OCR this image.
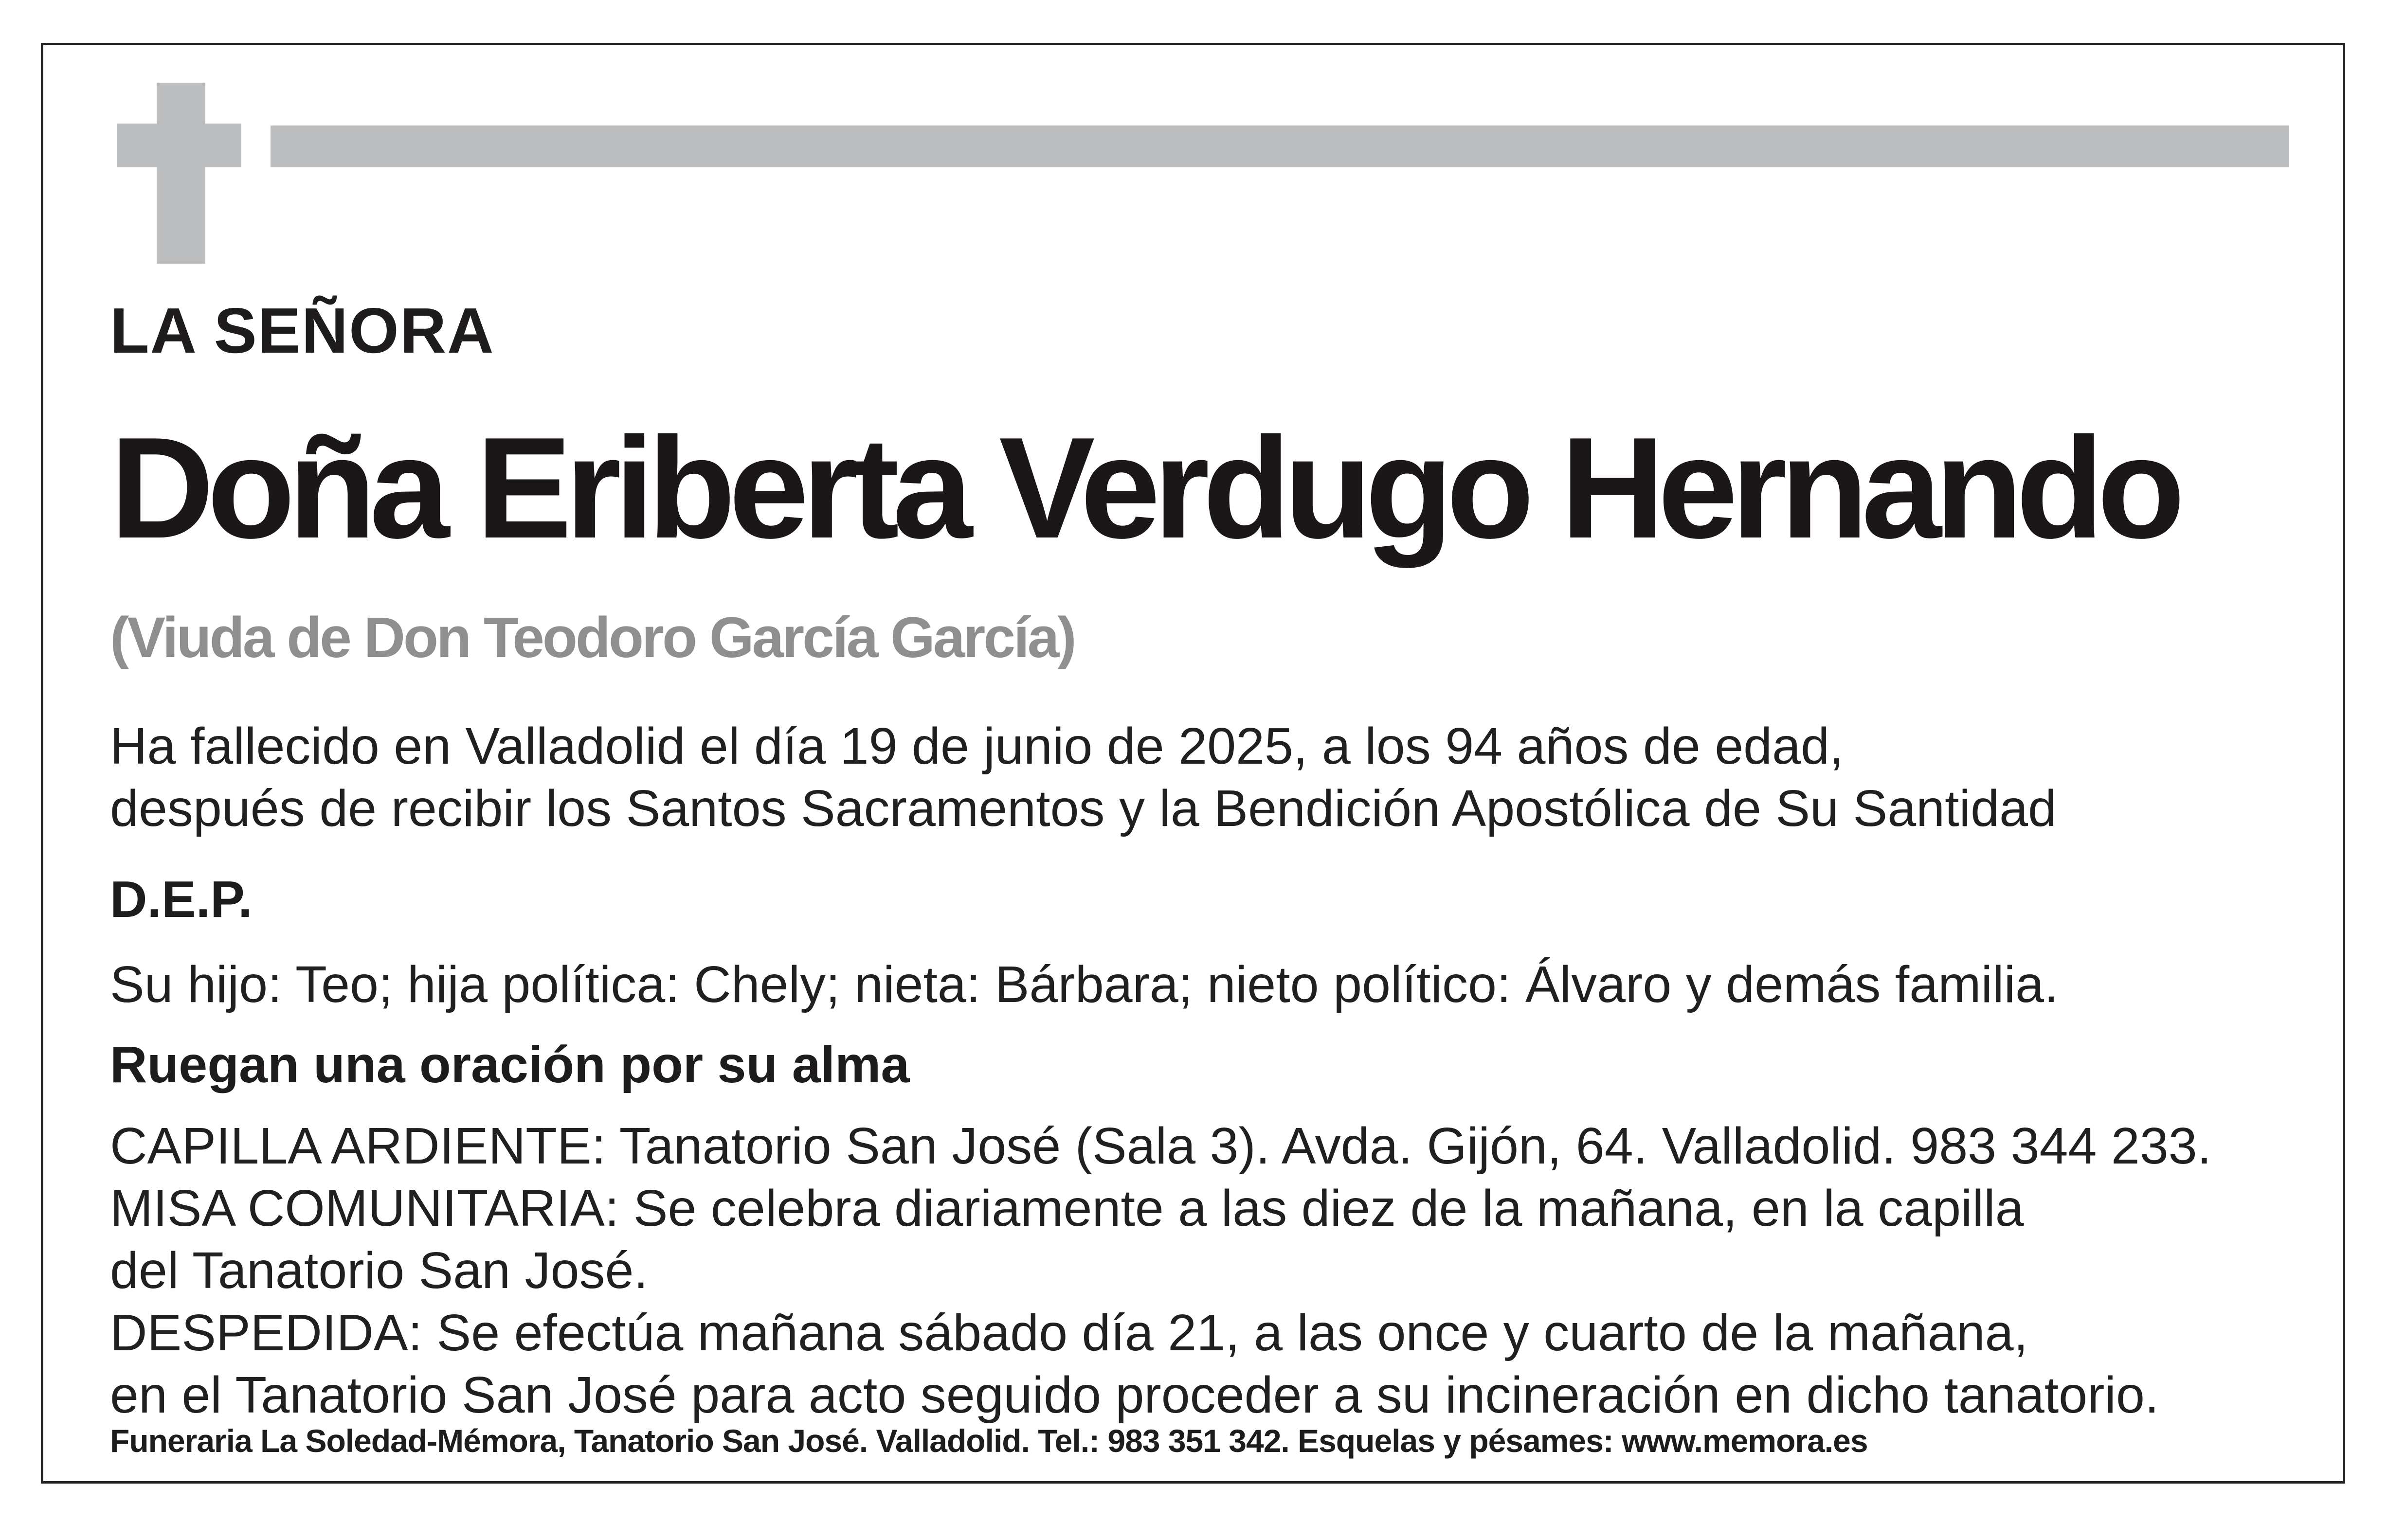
LA SEÑORA

Doña Eriberta Verdugo Hernando

(Viuda de Don Teodoro García García)

Ha fallecido en Valladolid el día 19 de junio de 2025, a los 94 años de edad,
después de recibir los Santos Sacramentos y la Bendición Apostólica de Su Santidad

D.E.P.

Su hijo: Teo; hija política: Chely; nieta: Bárbara; nieto político: Álvaro y demás familia.

Ruegan una oración por su alma

CAPILLA ARDIENTE: Tanatorio San José (Sala 3). Avda. Gijón, 64. Valladolid. 983 344 233.
MISA COMUNITARIA: Se celebra diariamente a las diez de la mañana, en la capilla
del Tanatorio San José.
DESPEDIDA: Se efectúa mañana sábado día 21, a las once y cuarto de la mañana,
en el Tanatorio San José para acto seguido proceder a su incineración en dicho tanatorio.

Funeraria La Soledad-Mémora, Tanatorio San José. Valladolid. Tel.: 983 351 342. Esquelas y pésames: www.memora.es
